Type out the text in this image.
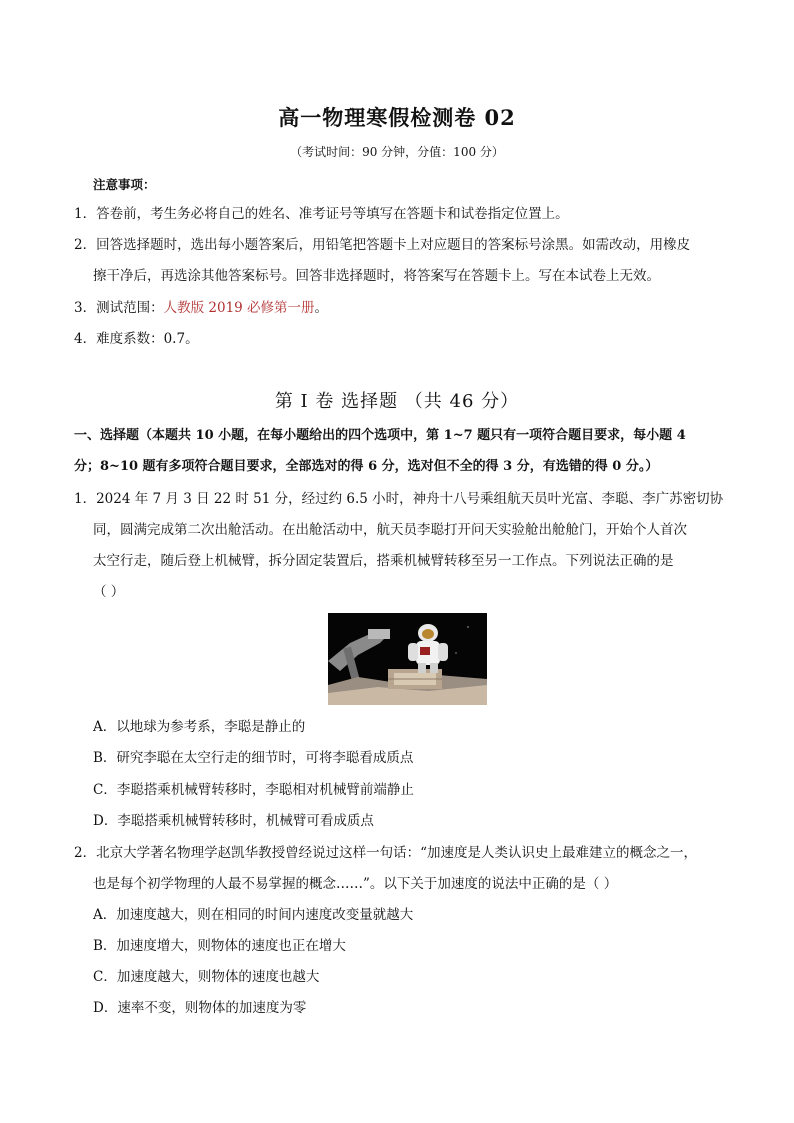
高一物理寒假检测卷 02
（考试时间：90 分钟，分值：100 分）
注意事项：
1．答卷前，考生务必将自己的姓名、准考证号等填写在答题卡和试卷指定位置上。
2．回答选择题时，选出每小题答案后，用铅笔把答题卡上对应题目的答案标号涂黑。如需改动，用橡皮
擦干净后，再选涂其他答案标号。回答非选择题时，将答案写在答题卡上。写在本试卷上无效。
3．测试范围：人教版 2019 必修第一册。
4．难度系数：0.7。
第 I 卷 选择题 （共 46 分）
一、选择题（本题共 10 小题，在每小题给出的四个选项中，第 1~7 题只有一项符合题目要求，每小题 4
分；8~10 题有多项符合题目要求，全部选对的得 6 分，选对但不全的得 3 分，有选错的得 0 分。）
1．2024 年 7 月 3 日 22 时 51 分，经过约 6.5 小时，神舟十八号乘组航天员叶光富、李聪、李广苏密切协
同，圆满完成第二次出舱活动。在出舱活动中，航天员李聪打开问天实验舱出舱舱门，开始个人首次
太空行走，随后登上机械臂，拆分固定装置后，搭乘机械臂转移至另一工作点。下列说法正确的是
（ ）
A．以地球为参考系，李聪是静止的
B．研究李聪在太空行走的细节时，可将李聪看成质点
C．李聪搭乘机械臂转移时，李聪相对机械臂前端静止
D．李聪搭乘机械臂转移时，机械臂可看成质点
2．北京大学著名物理学赵凯华教授曾经说过这样一句话：“加速度是人类认识史上最难建立的概念之一，
也是每个初学物理的人最不易掌握的概念……”。以下关于加速度的说法中正确的是（ ）
A．加速度越大，则在相同的时间内速度改变量就越大
B．加速度增大，则物体的速度也正在增大
C．加速度越大，则物体的速度也越大
D．速率不变，则物体的加速度为零
